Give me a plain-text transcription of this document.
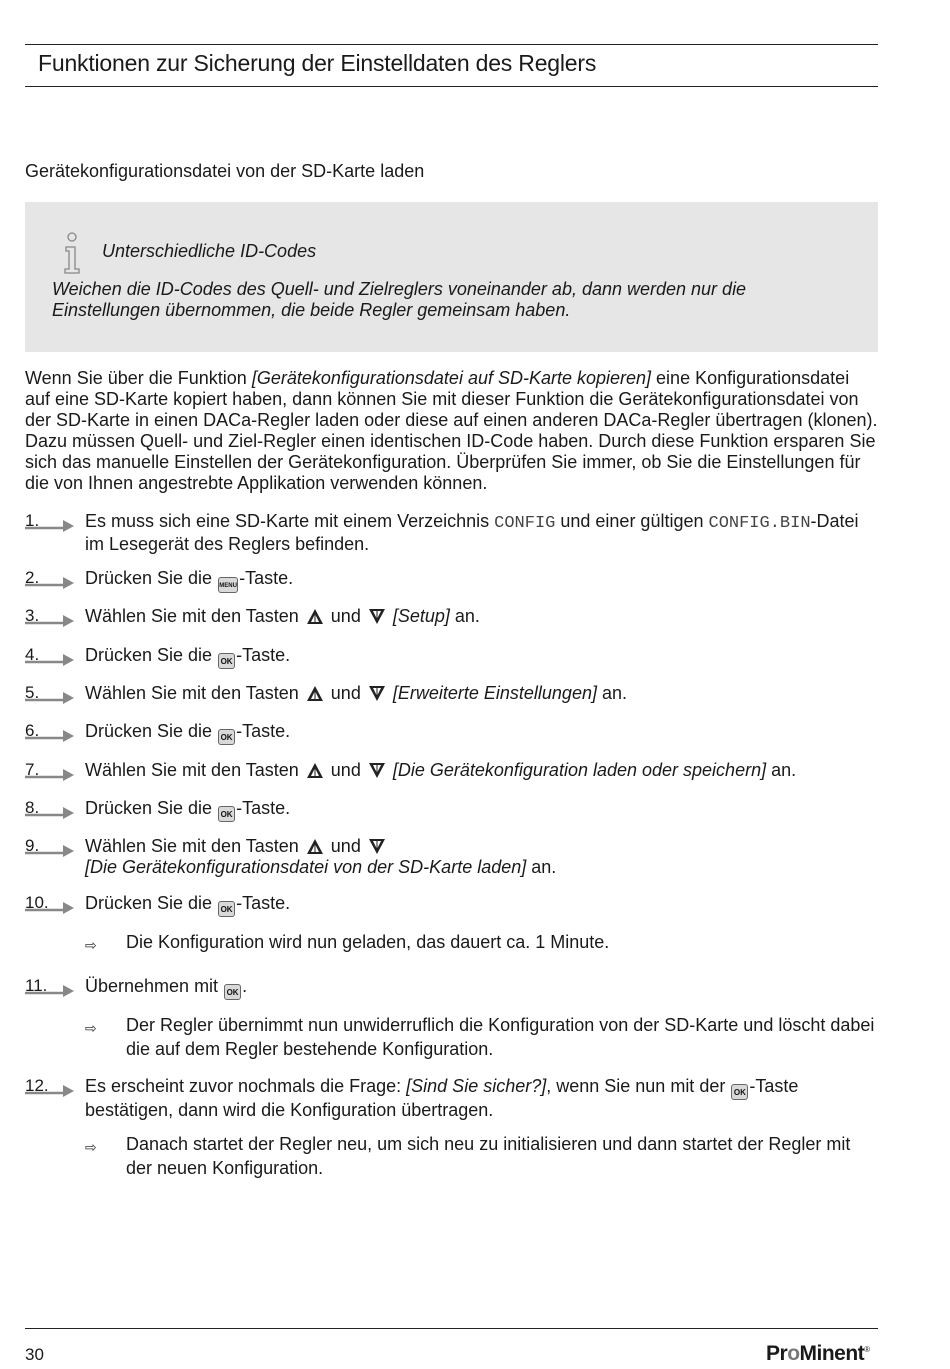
Funktionen zur Sicherung der Einstelldaten des Reglers
Gerätekonfigurationsdatei von der SD-Karte laden
Unterschiedliche ID-Codes
Weichen die ID-Codes des Quell- und Zielreglers voneinander ab, dann werden nur die Einstellungen übernommen, die beide Regler gemeinsam haben.
Wenn Sie über die Funktion [Gerätekonfigurationsdatei auf SD-Karte kopieren] eine Konfigurationsdatei auf eine SD-Karte kopiert haben, dann können Sie mit dieser Funktion die Gerätekonfigurationsdatei von der SD-Karte in einen DACa-Regler laden oder diese auf einen anderen DACa-Regler übertragen (klonen). Dazu müssen Quell- und Ziel-Regler einen identischen ID-Code haben. Durch diese Funktion ersparen Sie sich das manuelle Einstellen der Gerätekonfiguration. Überprüfen Sie immer, ob Sie die Einstellungen für die von Ihnen angestrebte Applikation verwenden können.
1.	Es muss sich eine SD-Karte mit einem Verzeichnis CONFIG und einer gültigen CONFIG.BIN-Datei im Lesegerät des Reglers befinden.
2.	Drücken Sie die MENU -Taste.
3.	Wählen Sie mit den Tasten  und  [Setup] an.
4.	Drücken Sie die OK -Taste.
5.	Wählen Sie mit den Tasten  und  [Erweiterte Einstellungen] an.
6.	Drücken Sie die OK -Taste.
7.	Wählen Sie mit den Tasten  und  [Die Gerätekonfiguration laden oder speichern] an.
8.	Drücken Sie die OK -Taste.
9.	Wählen Sie mit den Tasten  und
[Die Gerätekonfigurationsdatei von der SD-Karte laden] an.
10. Drücken Sie die OK -Taste.
⇨ Die Konfiguration wird nun geladen, das dauert ca. 1 Minute.
11. Übernehmen mit OK .
⇨ Der Regler übernimmt nun unwiderruflich die Konfiguration von der SD-Karte und löscht dabei die auf dem Regler bestehende Konfiguration.
12. Es erscheint zuvor nochmals die Frage: [Sind Sie sicher?], wenn Sie nun mit der OK -Taste bestätigen, dann wird die Konfiguration übertragen.
⇨ Danach startet der Regler neu, um sich neu zu initialisieren und dann startet der Regler mit der neuen Konfiguration.
30	ProMinent®
